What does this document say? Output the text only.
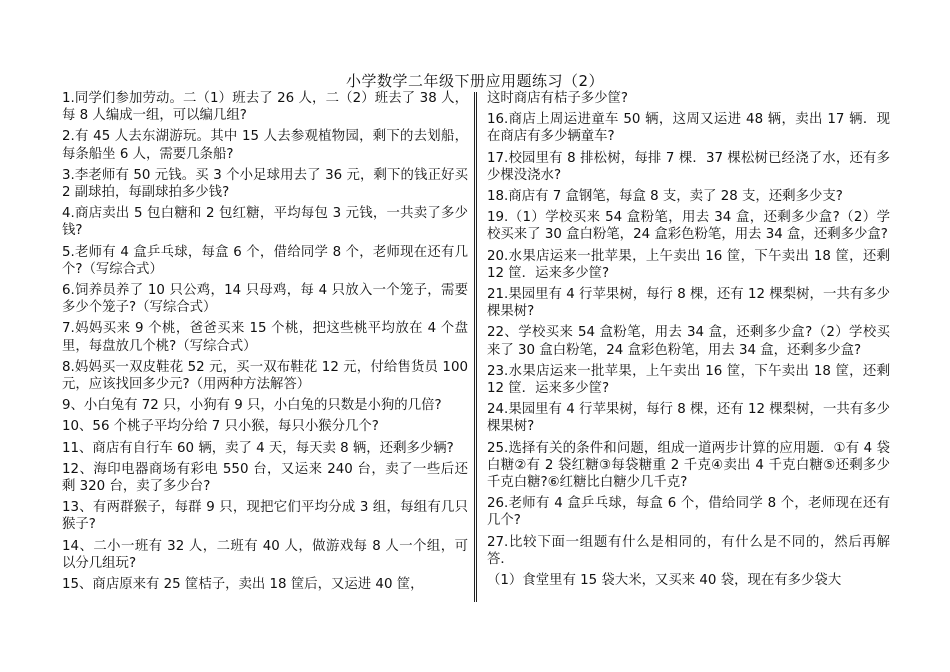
小学数学二年级下册应用题练习（2）

1.同学们参加劳动。二（1）班去了 26 人，二（2）班去了 38 人，每 8 人编成一组，可以编几组?

2.有 45 人去东湖游玩。其中 15 人去参观植物园，剩下的去划船，每条船坐 6 人，需要几条船?

3.李老师有 50 元钱。买 3 个小足球用去了 36 元，剩下的钱正好买 2 副球拍，每副球拍多少钱?

4.商店卖出 5 包白糖和 2 包红糖，平均每包 3 元钱，一共卖了多少钱?

5.老师有 4 盒乒乓球，每盒 6 个，借给同学 8 个，老师现在还有几个?（写综合式）

6.饲养员养了 10 只公鸡，14 只母鸡，每 4 只放入一个笼子，需要多少个笼子?（写综合式）

7.妈妈买来 9 个桃，爸爸买来 15 个桃，把这些桃平均放在 4 个盘里，每盘放几个桃?（写综合式）

8.妈妈买一双皮鞋花 52 元，买一双布鞋花 12 元，付给售货员 100 元，应该找回多少元?（用两种方法解答）

9、小白兔有 72 只，小狗有 9 只，小白兔的只数是小狗的几倍?

10、56 个桃子平均分给 7 只小猴，每只小猴分几个?

11、商店有自行车 60 辆，卖了 4 天，每天卖 8 辆，还剩多少辆?

12、海印电器商场有彩电 550 台，又运来 240 台，卖了一些后还剩 320 台，卖了多少台?

13、有两群猴子，每群 9 只，现把它们平均分成 3 组，每组有几只猴子?

14、二小一班有 32 人，二班有 40 人，做游戏每 8 人一个组，可以分几组玩?

15、商店原来有 25 筐桔子，卖出 18 筐后，又运进 40 筐，

这时商店有桔子多少筐?

16.商店上周运进童车 50 辆，这周又运进 48 辆，卖出 17 辆．现在商店有多少辆童车?

17.校园里有 8 排松树，每排 7 棵．37 棵松树已经浇了水，还有多少棵没浇水?

18.商店有 7 盒钢笔，每盒 8 支，卖了 28 支，还剩多少支?

19.（1）学校买来 54 盒粉笔，用去 34 盒，还剩多少盒?（2）学校买来了 30 盒白粉笔，24 盒彩色粉笔，用去 34 盒，还剩多少盒?

20.水果店运来一批苹果，上午卖出 16 筐，下午卖出 18 筐，还剩 12 筐．运来多少筐?

21.果园里有 4 行苹果树，每行 8 棵，还有 12 棵梨树，一共有多少棵果树?

22、学校买来 54 盒粉笔，用去 34 盒，还剩多少盒?（2）学校买来了 30 盒白粉笔，24 盒彩色粉笔，用去 34 盒，还剩多少盒?

23.水果店运来一批苹果，上午卖出 16 筐，下午卖出 18 筐，还剩 12 筐．运来多少筐?

24.果园里有 4 行苹果树，每行 8 棵，还有 12 棵梨树，一共有多少棵果树?

25.选择有关的条件和问题，组成一道两步计算的应用题．①有 4 袋白糖②有 2 袋红糖③每袋糖重 2 千克④卖出 4 千克白糖⑤还剩多少千克白糖?⑥红糖比白糖少几千克?

26.老师有 4 盒乒乓球，每盒 6 个，借给同学 8 个，老师现在还有几个?

27.比较下面一组题有什么是相同的，有什么是不同的，然后再解答．

（1）食堂里有 15 袋大米，又买来 40 袋，现在有多少袋大
